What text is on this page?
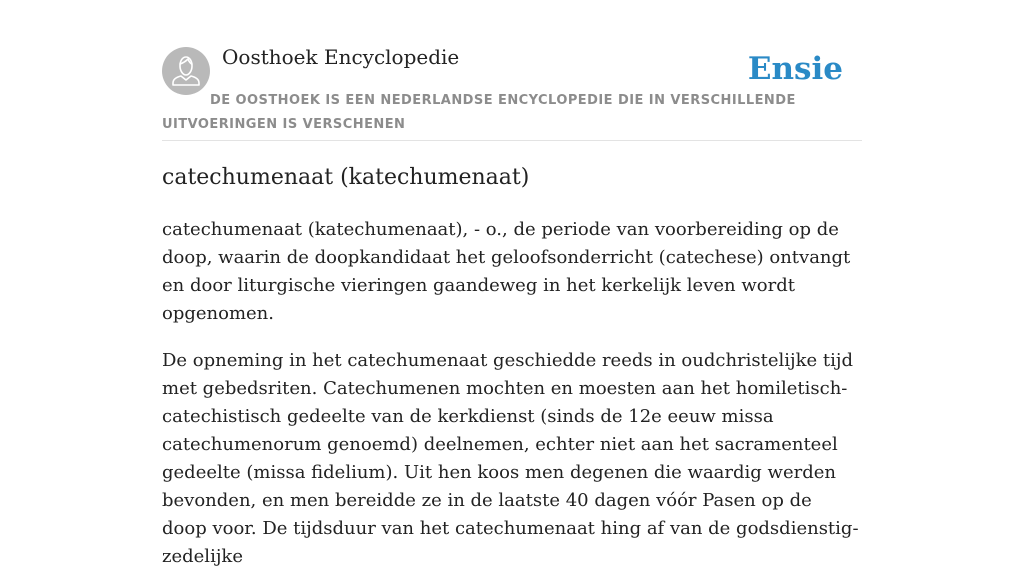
Oosthoek Encyclopedie	Ensie
DE OOSTHOEK IS EEN NEDERLANDSE ENCYCLOPEDIE DIE IN VERSCHILLENDE UITVOERINGEN IS VERSCHENEN
catechumenaat (katechumenaat)

catechumenaat (katechumenaat), - o., de periode van voorbereiding op de doop, waarin de doopkandidaat het geloofsonderricht (catechese) ontvangt en door liturgische vieringen gaandeweg in het kerkelijk leven wordt opgenomen.

De opneming in het catechumenaat geschiedde reeds in oudchristelijke tijd met gebedsriten. Catechumenen mochten en moesten aan het homiletisch-catechistisch gedeelte van de kerkdienst (sinds de 12e eeuw missa catechumenorum genoemd) deelnemen, echter niet aan het sacramenteel gedeelte (missa fidelium). Uit hen koos men degenen die waardig werden bevonden, en men bereidde ze in de laatste 40 dagen vóór Pasen op de doop voor. De tijdsduur van het catechumenaat hing af van de godsdienstig-zedelijke
